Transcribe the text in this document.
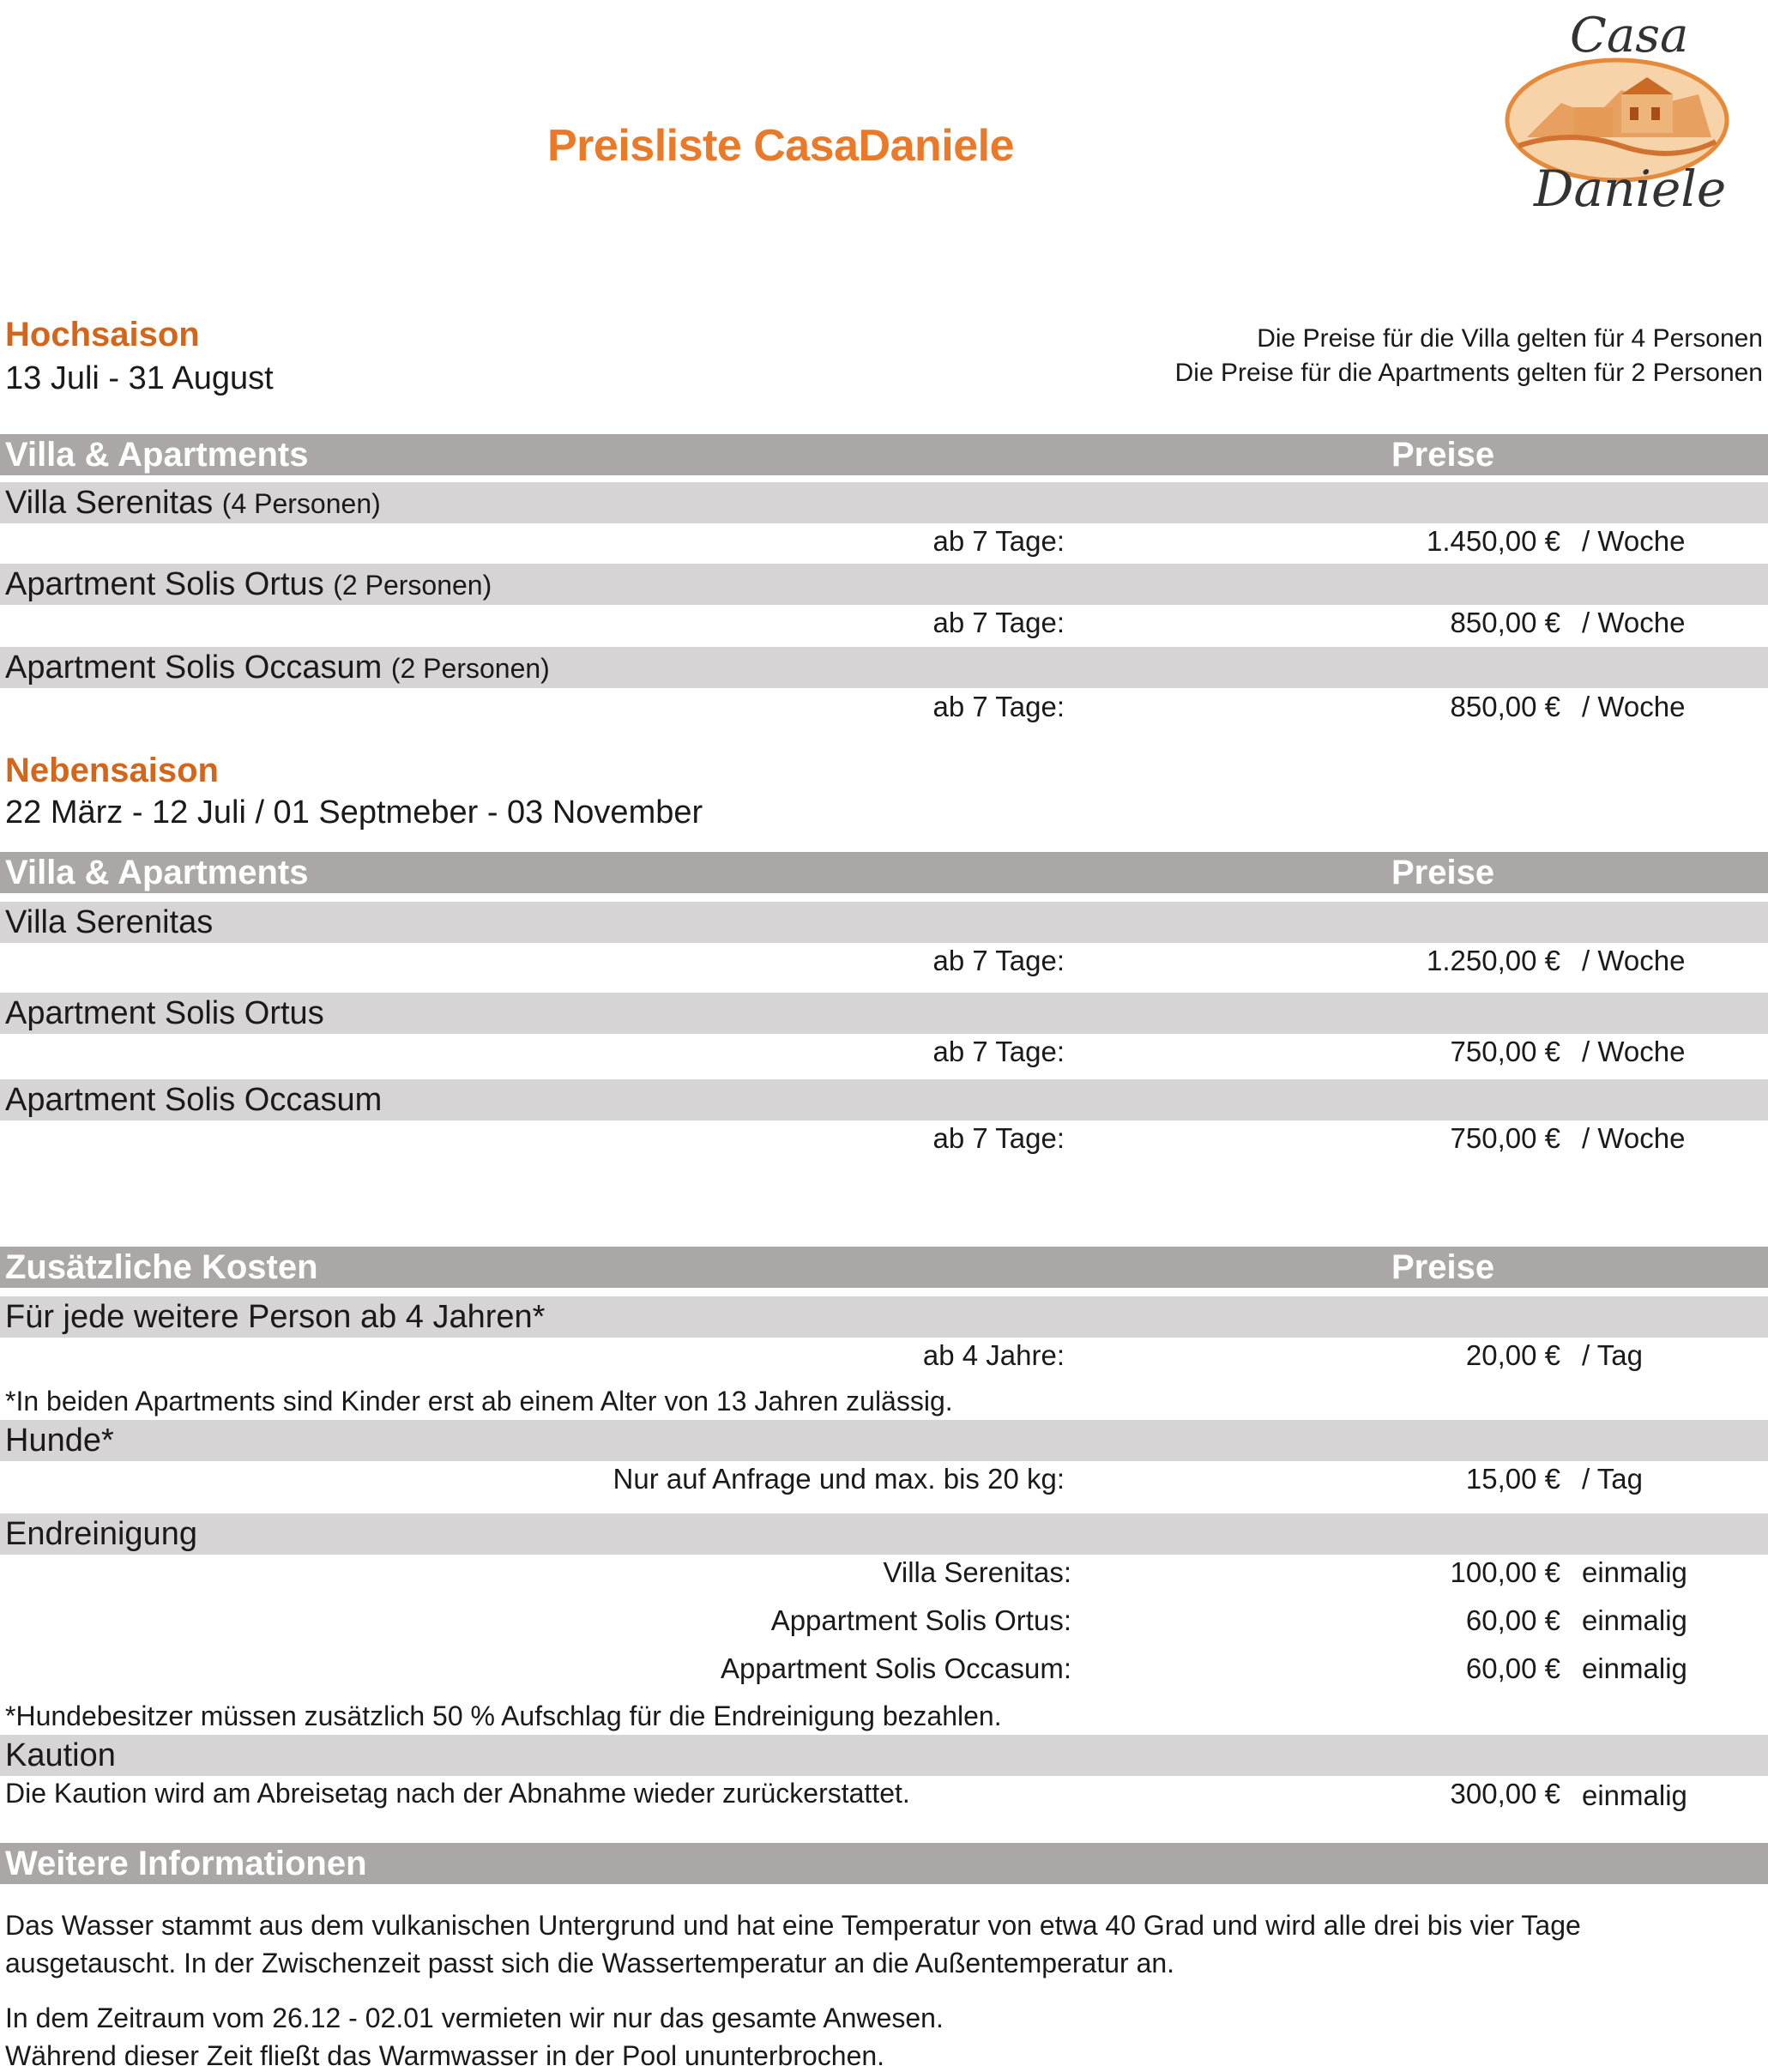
Preisliste CasaDaniele
Casa
Daniele
Hochsaison
13 Juli - 31 August
Die Preise für die Villa gelten für 4 Personen
Die Preise für die Apartments gelten für 2 Personen
Villa & Apartments	Preise
Villa Serenitas (4 Personen)
ab 7 Tage:	1.450,00 € / Woche
Apartment Solis Ortus (2 Personen)
ab 7 Tage:	850,00 € / Woche
Apartment Solis Occasum (2 Personen)
ab 7 Tage:	850,00 € / Woche
Nebensaison
22 März - 12 Juli / 01 Septmeber - 03 November
Villa & Apartments	Preise
Villa Serenitas
ab 7 Tage:	1.250,00 € / Woche
Apartment Solis Ortus
ab 7 Tage:	750,00 € / Woche
Apartment Solis Occasum
ab 7 Tage:	750,00 € / Woche
Zusätzliche Kosten	Preise
Für jede weitere Person ab 4 Jahren*
ab 4 Jahre:	20,00 € / Tag
*In beiden Apartments sind Kinder erst ab einem Alter von 13 Jahren zulässig.
Hunde*
Nur auf Anfrage und max. bis 20 kg:	15,00 € / Tag
Endreinigung
Villa Serenitas:	100,00 € einmalig
Appartment Solis Ortus:	60,00 € einmalig
Appartment Solis Occasum:	60,00 € einmalig
*Hundebesitzer müssen zusätzlich 50 % Aufschlag für die Endreinigung bezahlen.
Kaution
Die Kaution wird am Abreisetag nach der Abnahme wieder zurückerstattet.	300,00 € einmalig
Weitere Informationen
Das Wasser stammt aus dem vulkanischen Untergrund und hat eine Temperatur von etwa 40 Grad und wird alle drei bis vier Tage ausgetauscht. In der Zwischenzeit passt sich die Wassertemperatur an die Außentemperatur an.
In dem Zeitraum vom 26.12 - 02.01 vermieten wir nur das gesamte Anwesen.
Während dieser Zeit fließt das Warmwasser in der Pool ununterbrochen.
